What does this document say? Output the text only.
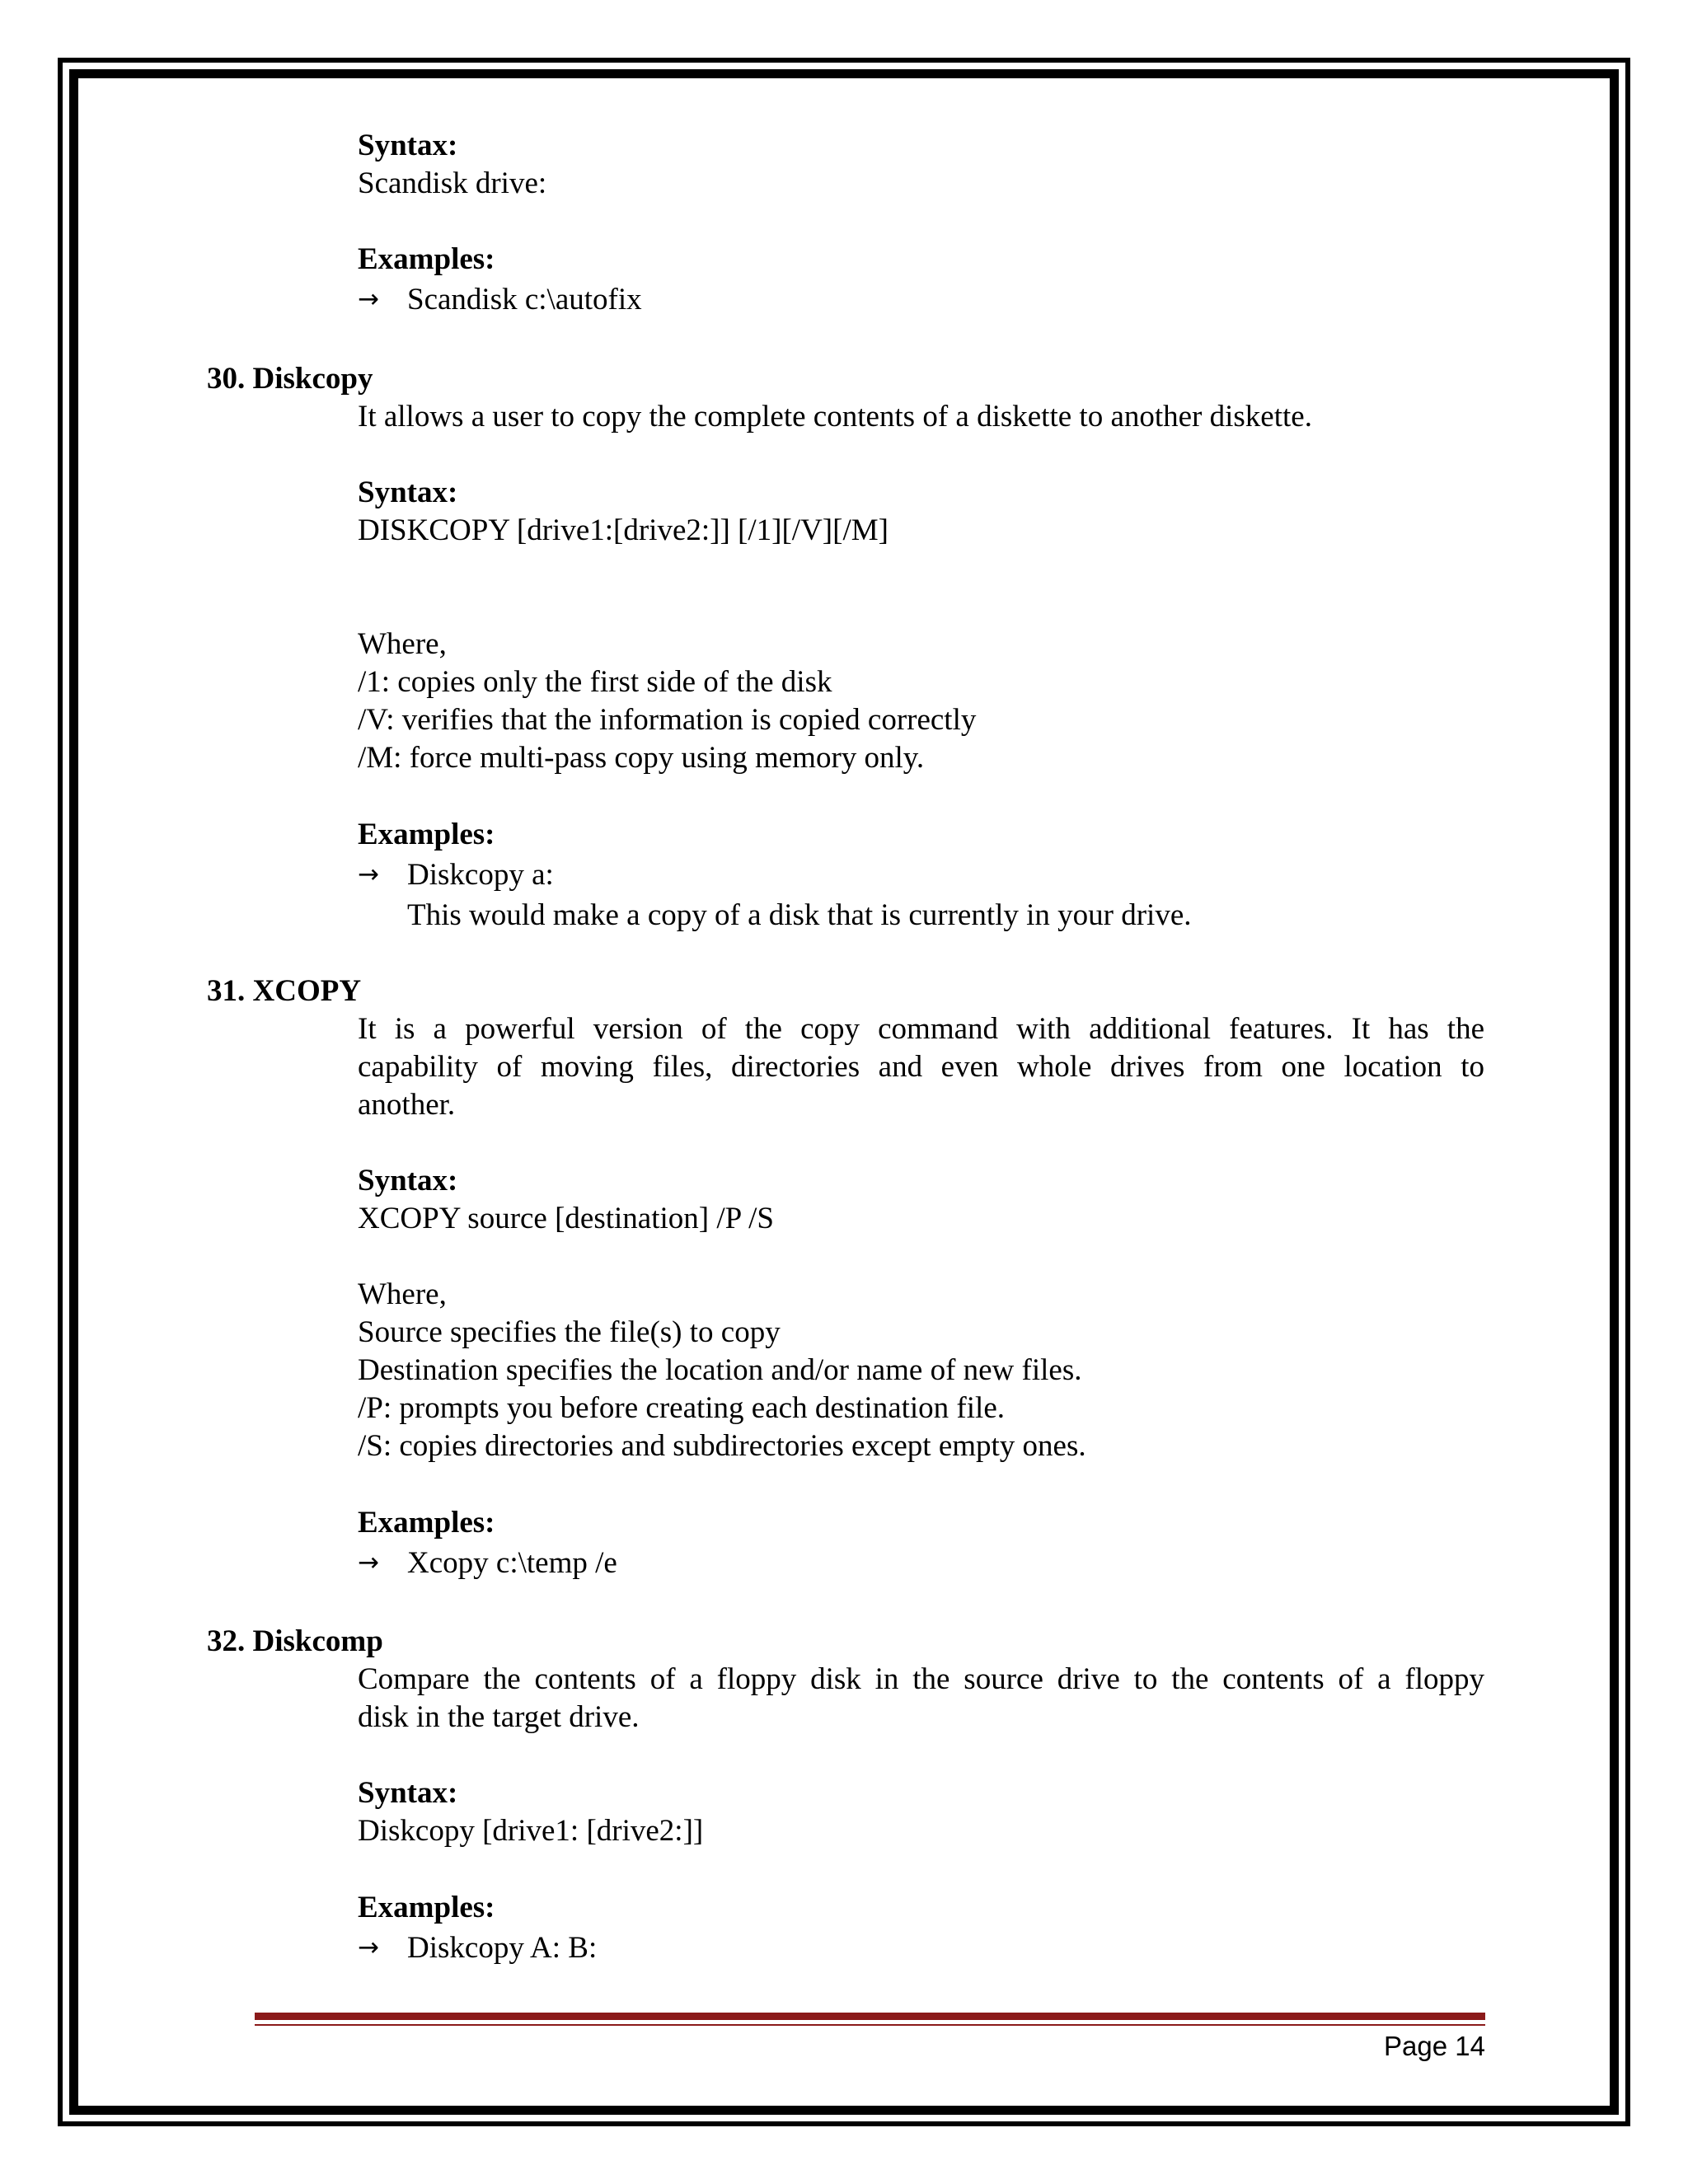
Syntax:
Scandisk drive:
Examples:
→ Scandisk c:\autofix
30. Diskcopy
It allows a user to copy the complete contents of a diskette to another diskette.
Syntax:
DISKCOPY [drive1:[drive2:]] [/1][/V][/M]
Where,
/1: copies only the first side of the disk
/V: verifies that the information is copied correctly
/M: force multi-pass copy using memory only.
Examples:
→ Diskcopy a:
This would make a copy of a disk that is currently in your drive.
31. XCOPY
It is a powerful version of the copy command with additional features. It has the
capability of moving files, directories and even whole drives from one location to
another.
Syntax:
XCOPY source [destination] /P /S
Where,
Source specifies the file(s) to copy
Destination specifies the location and/or name of new files.
/P: prompts you before creating each destination file.
/S: copies directories and subdirectories except empty ones.
Examples:
→ Xcopy c:\temp /e
32. Diskcomp
Compare the contents of a floppy disk in the source drive to the contents of a floppy
disk in the target drive.
Syntax:
Diskcopy [drive1: [drive2:]]
Examples:
→ Diskcopy A: B:
Page 14
